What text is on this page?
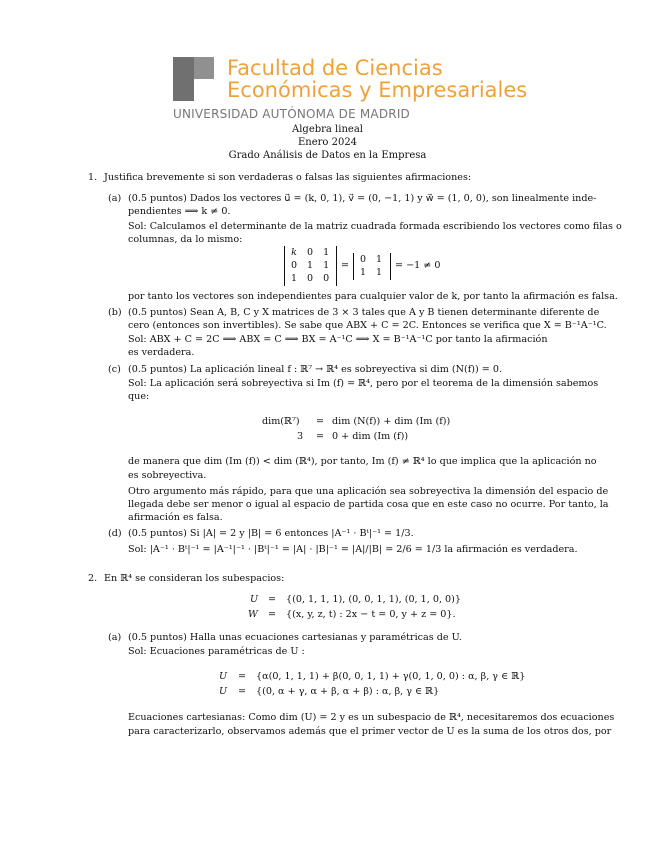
Facultad de Ciencias
Económicas y Empresariales
UNIVERSIDAD AUTÓNOMA DE MADRID
Algebra lineal
Enero 2024
Grado Análisis de Datos en la Empresa
1. Justifica brevemente si son verdaderas o falsas las siguientes afirmaciones:
(a) (0.5 puntos) Dados los vectores u⃗ = (k, 0, 1), v⃗ = (0, −1, 1) y w⃗ = (1, 0, 0), son linealmente inde-
pendientes ⟹ k ≠ 0.
Sol: Calculamos el determinante de la matriz cuadrada formada escribiendo los vectores como filas o
columnas, da lo mismo:
k	0	1
0	1	1
1	0	0
=
0	1
1	1
= −1 ≠ 0
por tanto los vectores son independientes para cualquier valor de k, por tanto la afirmación es falsa.
(b) (0.5 puntos) Sean A, B, C y X matrices de 3 × 3 tales que A y B tienen determinante diferente de
cero (entonces son invertibles). Se sabe que ABX + C = 2C. Entonces se verifica que X = B⁻¹A⁻¹C.
Sol: ABX + C = 2C ⟹ ABX = C ⟹ BX = A⁻¹C ⟹ X = B⁻¹A⁻¹C por tanto la afirmación
es verdadera.
(c) (0.5 puntos) La aplicación lineal f : ℝ⁷ → ℝ⁴ es sobreyectiva si dim (N(f)) = 0.
Sol: La aplicación será sobreyectiva si Im (f) = ℝ⁴, pero por el teorema de la dimensión sabemos
que:
dim(ℝ⁷) = dim (N(f)) + dim (Im (f))
3 = 0 + dim (Im (f))
de manera que dim (Im (f)) < dim (ℝ⁴), por tanto, Im (f) ≠ ℝ⁴ lo que implica que la aplicación no
es sobreyectiva.
Otro argumento más rápido, para que una aplicación sea sobreyectiva la dimensión del espacio de
llegada debe ser menor o igual al espacio de partida cosa que en este caso no ocurre. Por tanto, la
afirmación es falsa.
(d) (0.5 puntos) Si |A| = 2 y |B| = 6 entonces |A⁻¹ · Bᵗ|⁻¹ = 1/3.
Sol: |A⁻¹ · Bᵗ|⁻¹ = |A⁻¹|⁻¹ · |Bᵗ|⁻¹ = |A| · |B|⁻¹ = |A|/|B| = 2/6 = 1/3 la afirmación es verdadera.
2. En ℝ⁴ se consideran los subespacios:
U = {(0, 1, 1, 1), (0, 0, 1, 1), (0, 1, 0, 0)}
W = {(x, y, z, t) : 2x − t = 0, y + z = 0}.
(a) (0.5 puntos) Halla unas ecuaciones cartesianas y paramétricas de U.
Sol: Ecuaciones paramétricas de U :
U = {α(0, 1, 1, 1) + β(0, 0, 1, 1) + γ(0, 1, 0, 0) : α, β, γ ∈ ℝ}
U = {(0, α + γ, α + β, α + β) : α, β, γ ∈ ℝ}
Ecuaciones cartesianas: Como dim (U) = 2 y es un subespacio de ℝ⁴, necesitaremos dos ecuaciones
para caracterizarlo, observamos además que el primer vector de U es la suma de los otros dos, por
